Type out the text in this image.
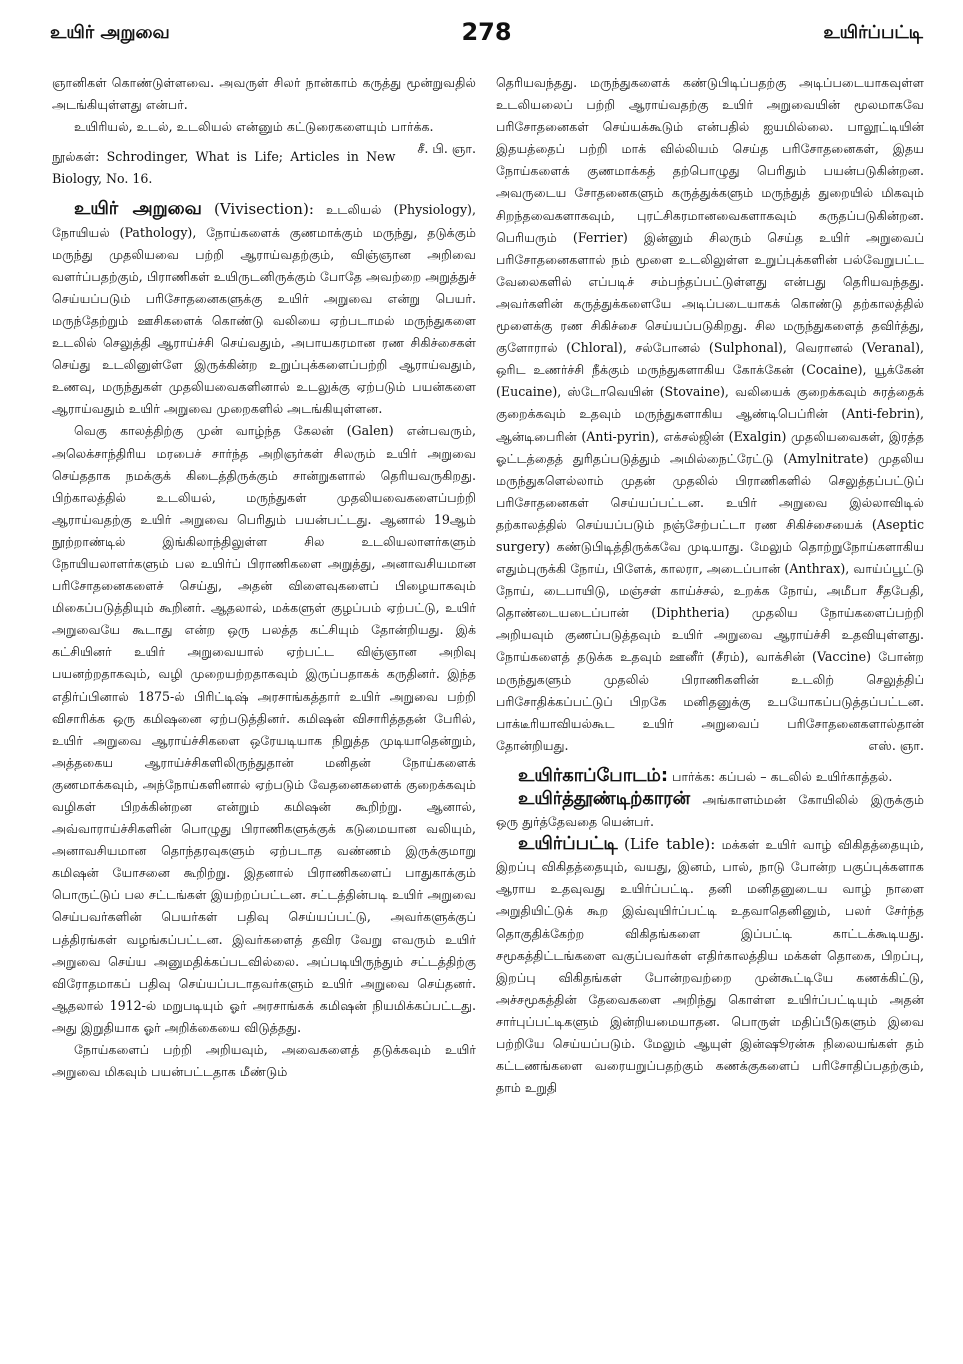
உயிர் அறுவை	278	உயிர்ப்பட்டி

ஞானிகள் கொண்டுள்ளவை. அவருள் சிலர் நான்காம் கருத்து மூன்றுவதில் அடங்கியுள்ளது என்பர்.

உயிரியல், உடல், உடலியல் என்னும் கட்டுரைகளையும் பார்க்க.
சீ. பி. ஞா.

நூல்கள்: Schrodinger, What is Life; Articles in New Biology, No. 16.

உயிர் அறுவை (Vivisection): உடலியல் (Physiology), நோயியல் (Pathology), நோய்களைக் குணமாக்கும் மருந்து, தடுக்கும் மருந்து முதலியவை பற்றி ஆராய்வதற்கும், விஞ்ஞான அறிவை வளர்ப்பதற்கும், பிராணிகள் உயிருடனிருக்கும் போதே அவற்றை அறுத்துச் செய்யப்படும் பரிசோதனைகளுக்கு உயிர் அறுவை என்று பெயர். மருந்தேற்றும் ஊசிகளைக் கொண்டு வலியை ஏற்படாமல் மருந்துகளை உடலில் செலுத்தி ஆராய்ச்சி செய்வதும், அபாயகரமான ரண சிகிச்சைகள் செய்து உடலினுள்ளே இருக்கின்ற உறுப்புக்களைப்பற்றி ஆராய்வதும், உணவு, மருந்துகள் முதலியவைகளினால் உடலுக்கு ஏற்படும் பயன்களை ஆராய்வதும் உயிர் அறுவை முறைகளில் அடங்கியுள்ளன.

வெகு காலத்திற்கு முன் வாழ்ந்த கேலன் (Galen) என்பவரும், அலெக்சாந்திரிய மரபைச் சார்ந்த அறிஞர்கள் சிலரும் உயிர் அறுவை செய்ததாக நமக்குக் கிடைத்திருக்கும் சான்றுகளால் தெரியவருகிறது. பிற்காலத்தில் உடலியல், மருந்துகள் முதலியவைகளைப்பற்றி ஆராய்வதற்கு உயிர் அறுவை பெரிதும் பயன்பட்டது. ஆனால் 19ஆம் நூற்றாண்டில் இங்கிலாந்திலுள்ள சில உடலியலாளர்களும் நோயியலாளர்களும் பல உயிர்ப் பிராணிகளை அறுத்து, அனாவசியமான பரிசோதனைகளைச் செய்து, அதன் விளைவுகளைப் பிழையாகவும் மிகைப்படுத்தியும் கூறினர். ஆதலால், மக்களுள் குழப்பம் ஏற்பட்டு, உயிர் அறுவையே கூடாது என்ற ஒரு பலத்த கட்சியும் தோன்றியது. இக் கட்சியினர் உயிர் அறுவையால் ஏற்பட்ட விஞ்ஞான அறிவு பயனற்றதாகவும், வழி முறையற்றதாகவும் இருப்பதாகக் கருதினர். இந்த எதிர்ப்பினால் 1875-ல் பிரிட்டிஷ் அரசாங்கத்தார் உயிர் அறுவை பற்றி விசாரிக்க ஒரு கமிஷனை ஏற்படுத்தினர். கமிஷன் விசாரித்ததன் பேரில், உயிர் அறுவை ஆராய்ச்சிகளை ஒரேயடியாக நிறுத்த முடியாதென்றும், அத்தகைய ஆராய்ச்சிகளிலிருந்துதான் மனிதன் நோய்களைக் குணமாக்கவும், அந்நோய்களினால் ஏற்படும் வேதனைகளைக் குறைக்கவும் வழிகள் பிறக்கின்றன என்றும் கமிஷன் கூறிற்று. ஆனால், அவ்வாராய்ச்சிகளின் பொழுது பிராணிகளுக்குக் கடுமையான வலியும், அனாவசியமான தொந்தரவுகளும் ஏற்படாத வண்ணம் இருக்குமாறு கமிஷன் யோசனை கூறிற்று. இதனால் பிராணிகளைப் பாதுகாக்கும் பொருட்டுப் பல சட்டங்கள் இயற்றப்பட்டன. சட்டத்தின்படி உயிர் அறுவை செய்பவர்களின் பெயர்கள் பதிவு செய்யப்பட்டு, அவர்களுக்குப் பத்திரங்கள் வழங்கப்பட்டன. இவர்களைத் தவிர வேறு எவரும் உயிர் அறுவை செய்ய அனுமதிக்கப்படவில்லை. அப்படியிருந்தும் சட்டத்திற்கு விரோதமாகப் பதிவு செய்யப்படாதவர்களும் உயிர் அறுவை செய்தனர். ஆதலால் 1912-ல் மறுபடியும் ஓர் அரசாங்கக் கமிஷன் நியமிக்கப்பட்டது. அது இறுதியாக ஓர் அறிக்கையை விடுத்தது.

நோய்களைப் பற்றி அறியவும், அவைகளைத் தடுக்கவும் உயிர் அறுவை மிகவும் பயன்பட்டதாக மீண்டும்

தெரியவந்தது. மருந்துகளைக் கண்டுபிடிப்பதற்கு அடிப்படையாகவுள்ள உடலியலைப் பற்றி ஆராய்வதற்கு உயிர் அறுவையின் மூலமாகவே பரிசோதனைகள் செய்யக்கூடும் என்பதில் ஐயமில்லை. பாலூட்டியின் இதயத்தைப் பற்றி மாக் வில்லியம் செய்த பரிசோதனைகள், இதய நோய்களைக் குணமாக்கத் தற்பொழுது பெரிதும் பயன்படுகின்றன. அவருடைய சோதனைகளும் கருத்துக்களும் மருந்துத் துறையில் மிகவும் சிறந்தவைகளாகவும், புரட்சிகரமானவைகளாகவும் கருதப்படுகின்றன. பெரியரும் (Ferrier) இன்னும் சிலரும் செய்த உயிர் அறுவைப் பரிசோதனைகளால் நம் மூளை உடலிலுள்ள உறுப்புக்களின் பல்வேறுபட்ட வேலைகளில் எப்படிச் சம்பந்தப்பட்டுள்ளது என்பது தெரியவந்தது. அவர்களின் கருத்துக்களையே அடிப்படையாகக் கொண்டு தற்காலத்தில் மூளைக்கு ரண சிகிச்சை செய்யப்படுகிறது. சில மருந்துகளைத் தவிர்த்து, குளோரால் (Chloral), சல்போனல் (Sulphonal), வெரானல் (Veranal), ஒரிட உணர்ச்சி நீக்கும் மருந்துகளாகிய கோக்கேன் (Cocaine), யூக்கேன் (Eucaine), ஸ்டோவெயின் (Stovaine), வலியைக் குறைக்கவும் சுரத்தைக் குறைக்கவும் உதவும் மருந்துகளாகிய ஆண்டிபெப்ரின் (Anti-febrin), ஆன்டிபைரின் (Anti-pyrin), எக்சல்ஜின் (Exalgin) முதலியவைகள், இரத்த ஓட்டத்தைத் துரிதப்படுத்தும் அமில்நைட்ரேட்டு (Amylnitrate) முதலிய மருந்துகளெல்லாம் முதன் முதலில் பிராணிகளில் செலுத்தப்பட்டுப் பரிசோதனைகள் செய்யப்பட்டன. உயிர் அறுவை இல்லாவிடில் தற்காலத்தில் செய்யப்படும் நஞ்சேற்பட்டா ரண சிகிச்சையைக் (Aseptic surgery) கண்டுபிடித்திருக்கவே முடியாது. மேலும் தொற்றுநோய்களாகிய எதும்புருக்கி நோய், பிளேக், காலரா, அடைப்பான் (Anthrax), வாய்ப்பூட்டு நோய், டைபாயிடு, மஞ்சள் காய்ச்சல், உறக்க நோய், அமீபா சீதபேதி, தொண்டையடைப்பான் (Diphtheria) முதலிய நோய்களைப்பற்றி அறியவும் குணப்படுத்தவும் உயிர் அறுவை ஆராய்ச்சி உதவியுள்ளது. நோய்களைத் தடுக்க உதவும் ஊனீர் (சீரம்), வாக்சின் (Vaccine) போன்ற மருந்துகளும் முதலில் பிராணிகளின் உடலிற் செலுத்திப் பரிசோதிக்கப்பட்டுப் பிறகே மனிதனுக்கு உபயோகப்படுத்தப்பட்டன. பாக்டீரியாவியல்கூட உயிர் அறுவைப் பரிசோதனைகளால்தான் தோன்றியது.	எஸ். ஞா.

உயிர்காப்போடம்: பார்க்க: கப்பல் – கடலில் உயிர்காத்தல்.

உயிர்த்தூண்டிற்காரன் அங்காளம்மன் கோயிலில் இருக்கும் ஒரு துர்த்தேவதை யென்பர்.

உயிர்ப்பட்டி (Life table): மக்கள் உயிர் வாழ் விகிதத்தையும், இறப்பு விகிதத்தையும், வயது, இனம், பால், நாடு போன்ற பகுப்புக்களாக ஆராய உதவுவது உயிர்ப்பட்டி. தனி மனிதனுடைய வாழ் நாளை அறுதியிட்டுக் கூற இவ்வுயிர்ப்பட்டி உதவாதெனினும், பலர் சேர்ந்த தொகுதிக்கேற்ற விகிதங்களை இப்பட்டி காட்டக்கூடியது. சமூகத்திட்டங்களை வகுப்பவர்கள் எதிர்காலத்திய மக்கள் தொகை, பிறப்பு, இறப்பு விகிதங்கள் போன்றவற்றை முன்கூட்டியே கணக்கிட்டு, அச்சமூகத்தின் தேவைகளை அறிந்து கொள்ள உயிர்ப்பட்டியும் அதன் சார்புப்பட்டிகளும் இன்றியமையாதன. பொருள் மதிப்பீடுகளும் இவை பற்றியே செய்யப்படும். மேலும் ஆயுள் இன்ஷூரன்சு நிலையங்கள் தம் கட்டணங்களை வரையறுப்பதற்கும் கணக்குகளைப் பரிசோதிப்பதற்கும், தாம் உறுதி
